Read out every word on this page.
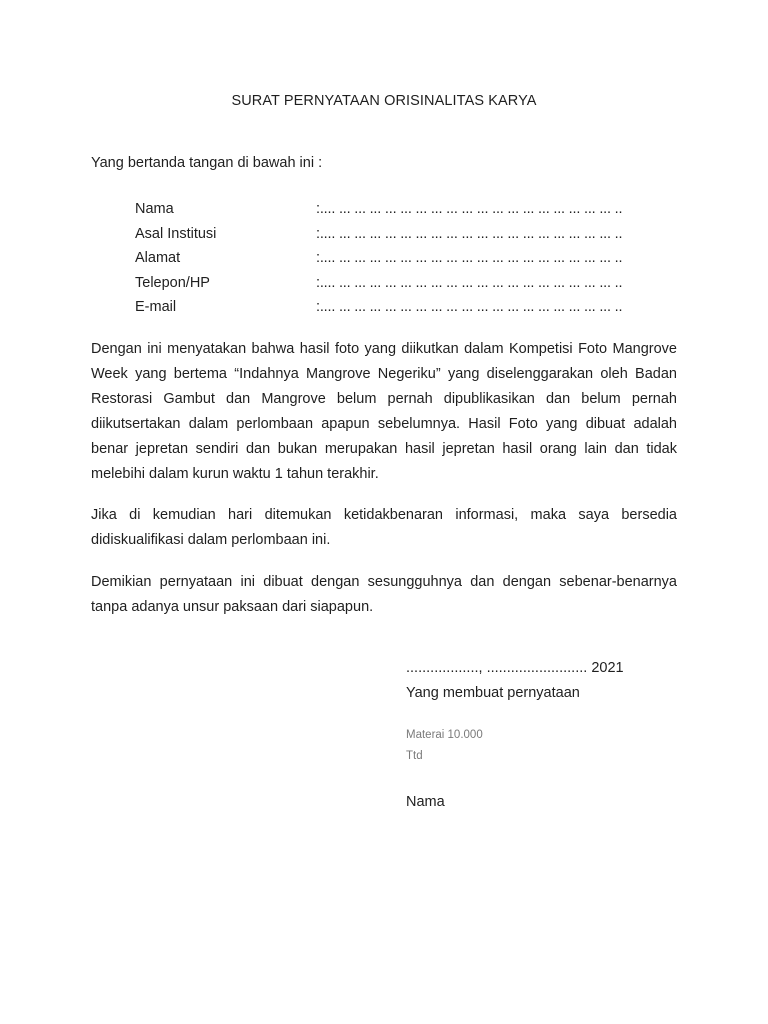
SURAT PERNYATAAN ORISINALITAS KARYA
Yang bertanda tangan di bawah ini :
Nama	:.... ... ... ... ... ... ... ... ... ... ... ... ... ... ... ... ... ... ... ..
Asal Institusi	:.... ... ... ... ... ... ... ... ... ... ... ... ... ... ... ... ... ... ... ..
Alamat	:.... ... ... ... ... ... ... ... ... ... ... ... ... ... ... ... ... ... ... ..
Telepon/HP	:.... ... ... ... ... ... ... ... ... ... ... ... ... ... ... ... ... ... ... ..
E-mail	:.... ... ... ... ... ... ... ... ... ... ... ... ... ... ... ... ... ... ... ..

Dengan ini menyatakan bahwa hasil foto yang diikutkan dalam Kompetisi Foto Mangrove Week yang bertema “Indahnya Mangrove Negeriku” yang diselenggarakan oleh Badan Restorasi Gambut dan Mangrove belum pernah dipublikasikan dan belum pernah diikutsertakan dalam perlombaan apapun sebelumnya. Hasil Foto yang dibuat adalah benar jepretan sendiri dan bukan merupakan hasil jepretan hasil orang lain dan tidak melebihi dalam kurun waktu 1 tahun terakhir.

Jika di kemudian hari ditemukan ketidakbenaran informasi, maka saya bersedia didiskualifikasi dalam perlombaan ini.

Demikian pernyataan ini dibuat dengan sesungguhnya dan dengan sebenar-benarnya tanpa adanya unsur paksaan dari siapapun.

.................., ......................... 2021
Yang membuat pernyataan
Materai 10.000
Ttd
Nama
